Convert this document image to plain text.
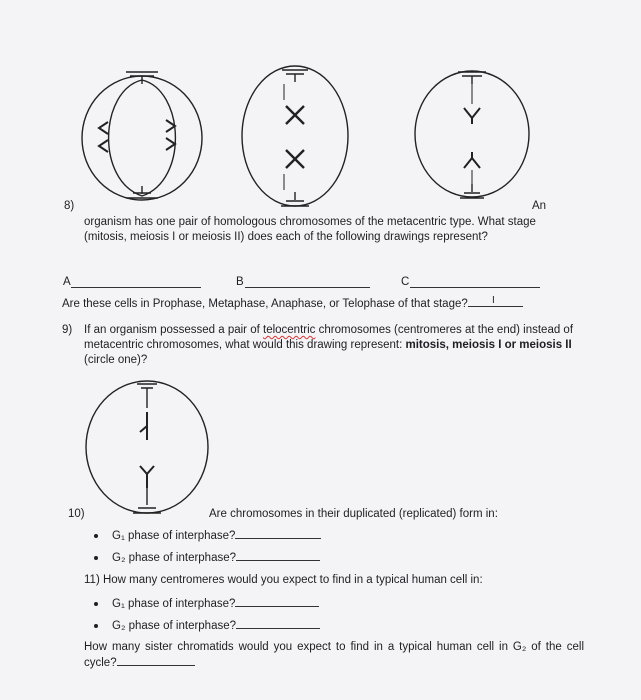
8)	An
organism has one pair of homologous chromosomes of the metacentric type. What stage (mitosis, meiosis I or meiosis II) does each of the following drawings represent?
A	B	C
Are these cells in Prophase, Metaphase, Anaphase, or Telophase of that stage?	I
9) If an organism possessed a pair of telocentric chromosomes (centromeres at the end) instead of metacentric chromosomes, what would this drawing represent: mitosis, meiosis I or meiosis II (circle one)?
10)	Are chromosomes in their duplicated (replicated) form in:
G₁ phase of interphase?
G₂ phase of interphase?
11) How many centromeres would you expect to find in a typical human cell in:
G₁ phase of interphase?
G₂ phase of interphase?
How many sister chromatids would you expect to find in a typical human cell in G₂ of the cell cycle?
